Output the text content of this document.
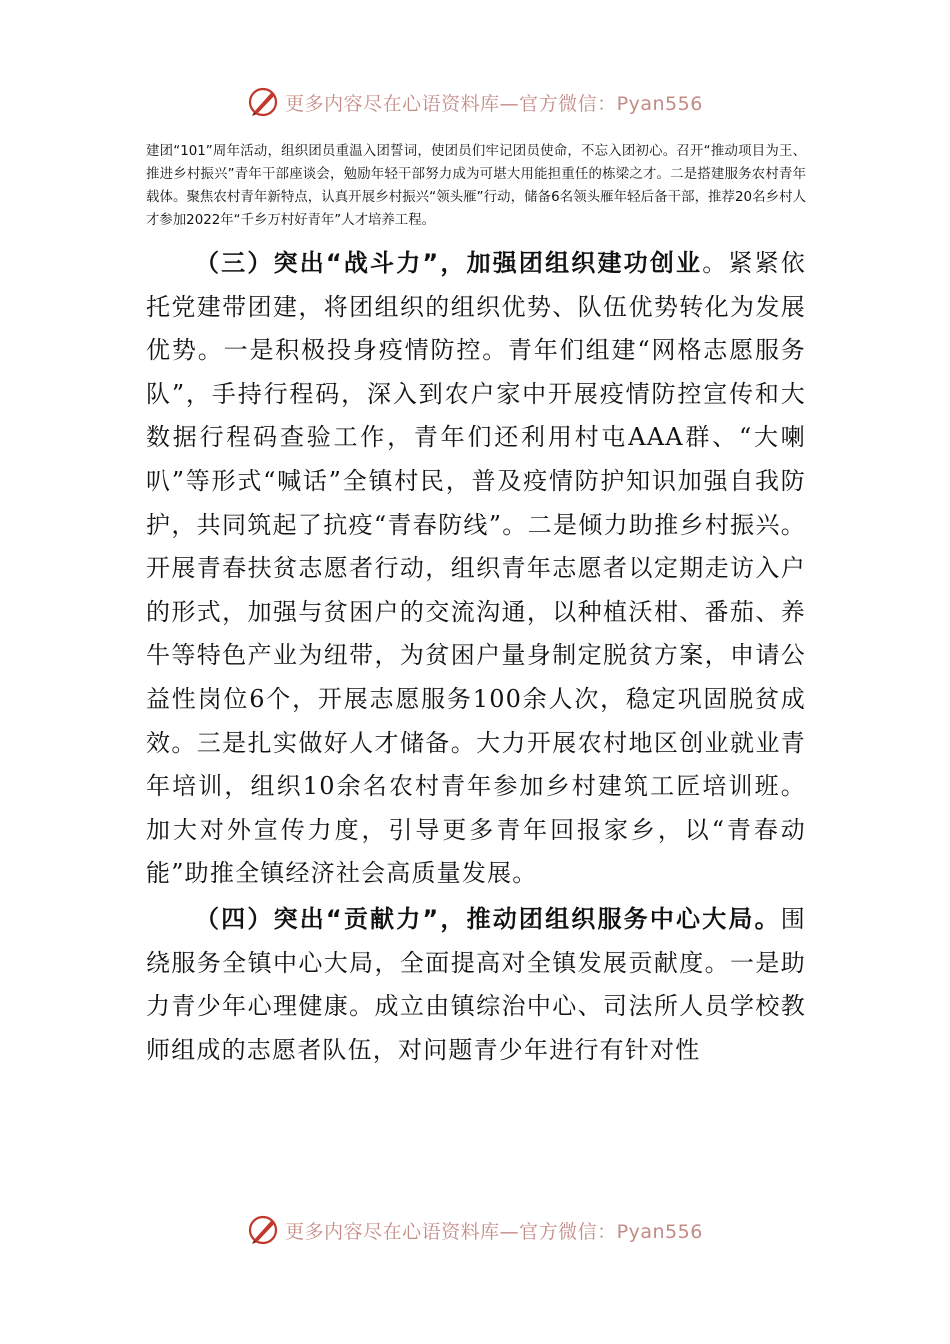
更多内容尽在心语资料库—官方微信：Pyan556

建团“101”周年活动，组织团员重温入团誓词，使团员们牢记团员使命，不忘入团初心。召开“推动项目为王、推进乡村振兴”青年干部座谈会，勉励年轻干部努力成为可堪大用能担重任的栋梁之才。二是搭建服务农村青年载体。聚焦农村青年新特点，认真开展乡村振兴“领头雁”行动，储备6名领头雁年轻后备干部，推荐20名乡村人才参加2022年“千乡万村好青年”人才培养工程。

（三）突出“战斗力”，加强团组织建功创业。紧紧依托党建带团建，将团组织的组织优势、队伍优势转化为发展优势。一是积极投身疫情防控。青年们组建“网格志愿服务队”，手持行程码，深入到农户家中开展疫情防控宣传和大数据行程码查验工作，青年们还利用村屯AAA群、“大喇叭”等形式“喊话”全镇村民，普及疫情防护知识加强自我防护，共同筑起了抗疫“青春防线”。二是倾力助推乡村振兴。开展青春扶贫志愿者行动，组织青年志愿者以定期走访入户的形式，加强与贫困户的交流沟通，以种植沃柑、番茄、养牛等特色产业为纽带，为贫困户量身制定脱贫方案，申请公益性岗位6个，开展志愿服务100余人次，稳定巩固脱贫成效。三是扎实做好人才储备。大力开展农村地区创业就业青年培训，组织10余名农村青年参加乡村建筑工匠培训班。加大对外宣传力度，引导更多青年回报家乡，以“青春动能”助推全镇经济社会高质量发展。

（四）突出“贡献力”，推动团组织服务中心大局。围绕服务全镇中心大局，全面提高对全镇发展贡献度。一是助力青少年心理健康。成立由镇综治中心、司法所人员学校教师组成的志愿者队伍，对问题青少年进行有针对性

更多内容尽在心语资料库—官方微信：Pyan556
